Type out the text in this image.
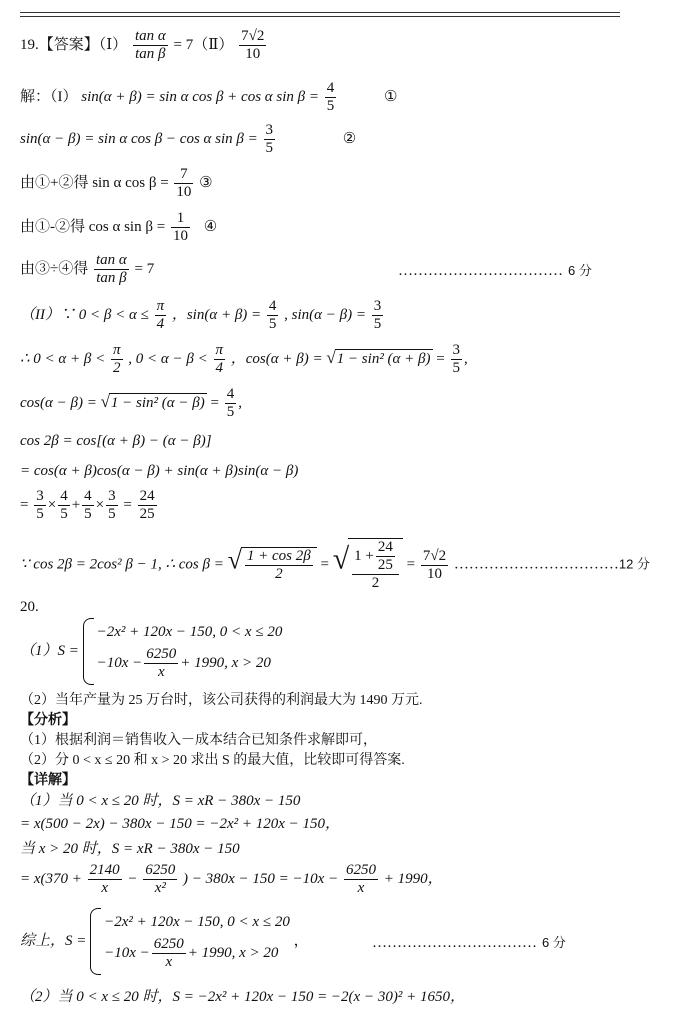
19.【答案】（Ⅰ） $\frac{\text{tan α}}{\text{tan β}}$ = 7（Ⅱ） $\frac{7√2}{10}$
解：（I） sin(α + β) = sin α cos β + cos α $\sin \beta = \frac{4}{5}$	①
sin(α − β) = sin α cos β − cos α $\sin \beta = \frac{3}{5}$	②
由①+②得 sin α $\cos \beta = \frac{7}{10}$ ③
由①-②得 cos α $\sin \beta = \frac{1}{10}$ ④
由③÷④得 $\frac{\text{tan α}}{\text{tan β}} = 7$	…………………………… 6 分
（II）∵ $0 < \beta < \alpha \le \frac{\pi}{4}$ ，$\sin(\alpha + \beta) = \frac{4}{5}$ , $\sin(\alpha - \beta) = \frac{3}{5}$
∴ $0 < \alpha + \beta < \frac{\pi}{2}$ , $0 < \alpha - \beta < \frac{\pi}{4}$ ，cos(α + β) = √1 − sin² $(\alpha + \beta) = \frac{3}{5}$ ,
cos(α − β) = √1 − sin² $(\alpha - \beta) = \frac{4}{5}$ ,
cos 2β = cos[(α + β) − (α − β)]
= cos(α + β)cos(α − β) + sin(α + β)sin(α − β)
= $\frac{3}{5} \times \frac{4}{5} + \frac{4}{5} \times \frac{3}{5} = \frac{24}{25}$
∵ cos 2β = 2cos² β − 1, ∴ cos β = √ $\frac{1 + \cos 2\beta}{2}$ = √ $\frac{1 + \frac{24}{25}}{2} = \frac{7√2}{10}$ ……………………………12 分
20.
（1）S =
−2x² + 120x − 150, 0 < x ≤ 20
$-10x - \frac{6250}{x} + 1990$, x > 20
（2）当年产量为 25 万台时，该公司获得的利润最大为 1490 万元.
【分析】
（1）根据利润＝销售收入－成本结合已知条件求解即可，
（2）分 0 < x ≤ 20 和 x > 20 求出 S 的最大值，比较即可得答案.
【详解】
（1）当 0 < x ≤ 20 时，S = xR − 380x − 150
= x(500 − 2x) − 380x − 150 = −2x² + 120x − 150，
当 x > 20 时，S = xR − 380x − 150
= $x(370 + \frac{2140}{x} - \frac{6250}{\text{x²}}$ ) − $380x - 150 = -10x - \frac{6250}{x} + 1990$，
综上，S =
−2x² + 120x − 150, 0 < x ≤ 20
$-10x - \frac{6250}{x} + 1990$, x > 20
，	…………………………… 6 分
（2）当 0 < x ≤ 20 时，S = −2x² + 120x − 150 = −2(x − 30)² + 1650，
